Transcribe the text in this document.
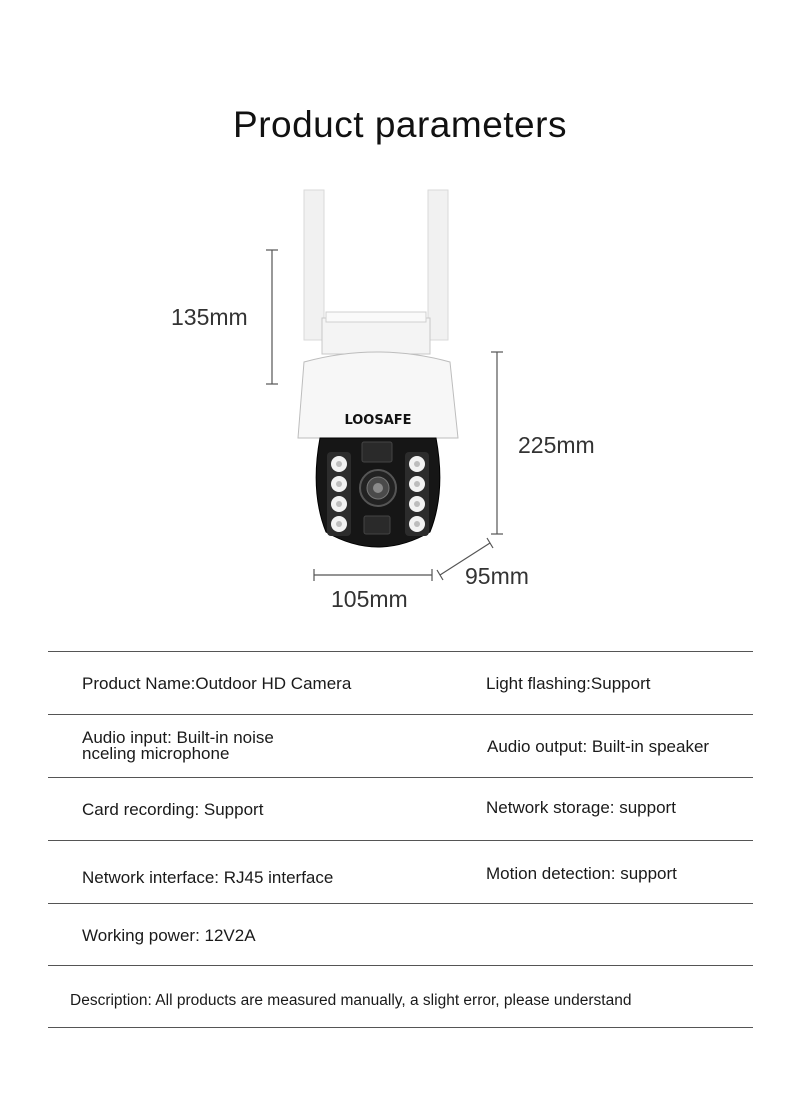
Product parameters
LOOSAFE
135mm
225mm
105mm
95mm
Product Name:Outdoor HD Camera	Light flashing:Support
Audio input: Built-in noise
nceling microphone	Audio output: Built-in speaker
Card recording: Support	Network storage: support
Network interface: RJ45 interface	Motion detection: support
Working power: 12V2A
Description: All products are measured manually, a slight error, please understand
